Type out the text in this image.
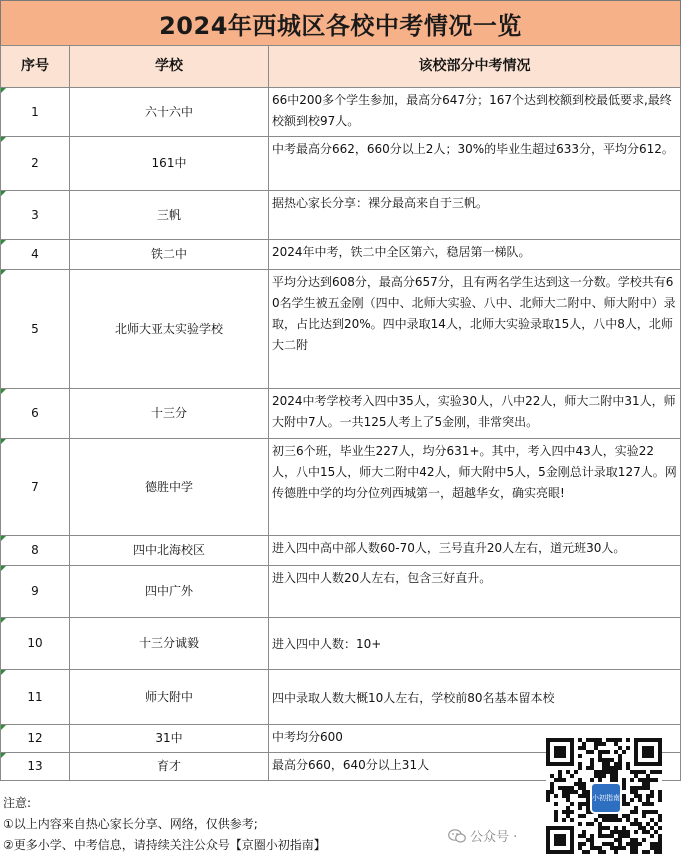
2024年西城区各校中考情况一览
序号	学校	该校部分中考情况
1	六十六中	66中200多个学生参加，最高分647分；167个达到校额到校最低要求,最终校额到校97人。
2	161中	中考最高分662，660分以上2人；30%的毕业生超过633分，平均分612。
3	三帆	据热心家长分享：裸分最高来自于三帆。
4	铁二中	2024年中考，铁二中全区第六，稳居第一梯队。
5	北师大亚太实验学校	平均分达到608分，最高分657分，且有两名学生达到这一分数。学校共有60名学生被五金刚（四中、北师大实验、八中、北师大二附中、师大附中）录取，占比达到20%。四中录取14人，北师大实验录取15人，八中8人，北师大二附
6	十三分	2024中考学校考入四中35人，实验30人，八中22人，师大二附中31人，师大附中7人。一共125人考上了5金刚，非常突出。
7	德胜中学	初三6个班，毕业生227人，均分631+。其中，考入四中43人，实验22人，八中15人，师大二附中42人，师大附中5人，5金刚总计录取127人。网传德胜中学的均分位列西城第一，超越华女，确实亮眼!
8	四中北海校区	进入四中高中部人数60-70人，三号直升20人左右，道元班30人。
9	四中广外	进入四中人数20人左右，包含三好直升。
10	十三分诚毅	进入四中人数：10+
11	师大附中	四中录取人数大概10人左右，学校前80名基本留本校
12	31中	中考均分600
13	育才	最高分660，640分以上31人
注意:
①以上内容来自热心家长分享、网络，仅供参考;
②更多小学、中考信息，请持续关注公众号【京圈小初指南】
小初指南
公众号 ·
